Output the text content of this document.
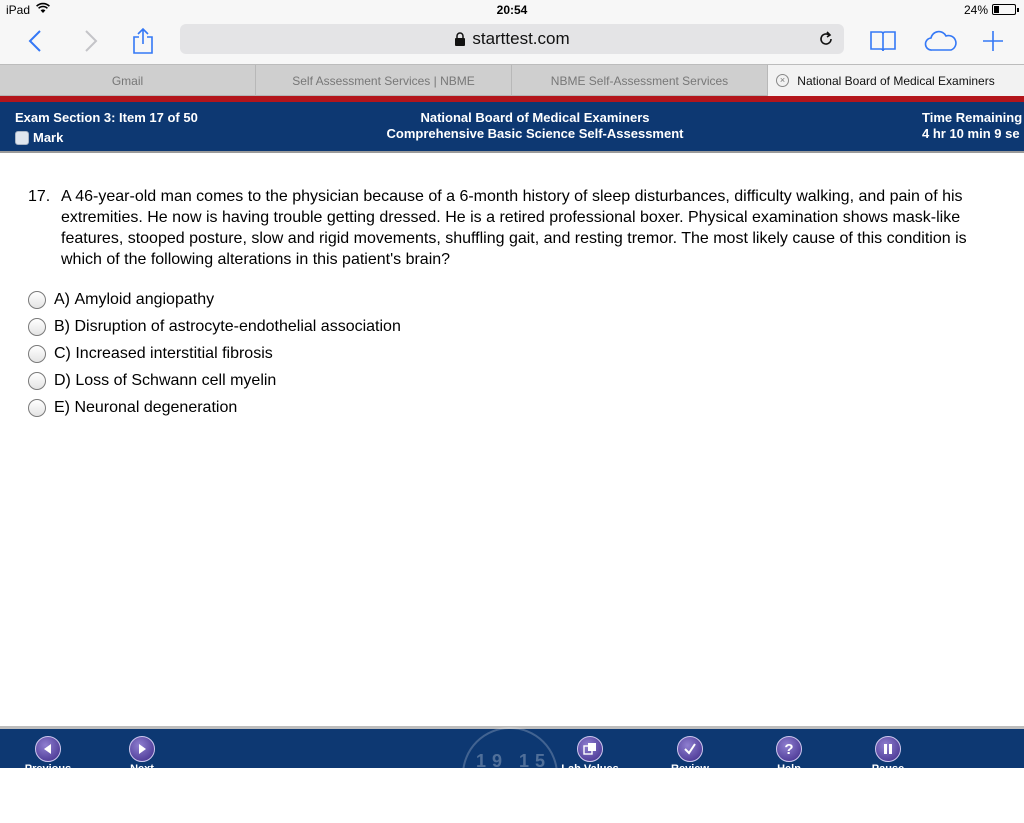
iPad	20:54	24%
starttest.com
Gmail	Self Assessment Services | NBME	NBME Self-Assessment Services	×	National Board of Medical Examiners
Exam Section 3: Item 17 of 50
Mark
National Board of Medical Examiners
Comprehensive Basic Science Self-Assessment
Time Remaining
4 hr 10 min 9 se
17. A 46-year-old man comes to the physician because of a 6-month history of sleep disturbances, difficulty walking, and pain of his extremities. He now is having trouble getting dressed. He is a retired professional boxer. Physical examination shows mask-like features, stooped posture, slow and rigid movements, shuffling gait, and resting tremor. The most likely cause of this condition is which of the following alterations in this patient's brain?
A)
Amyloid angiopathy
B)
Disruption of astrocyte-endothelial association
C)
Increased interstitial fibrosis
D)
Loss of Schwann cell myelin
E)
Neuronal degeneration
19 15
Previous	Next	Lab Values	Review
?
Help	Pause
